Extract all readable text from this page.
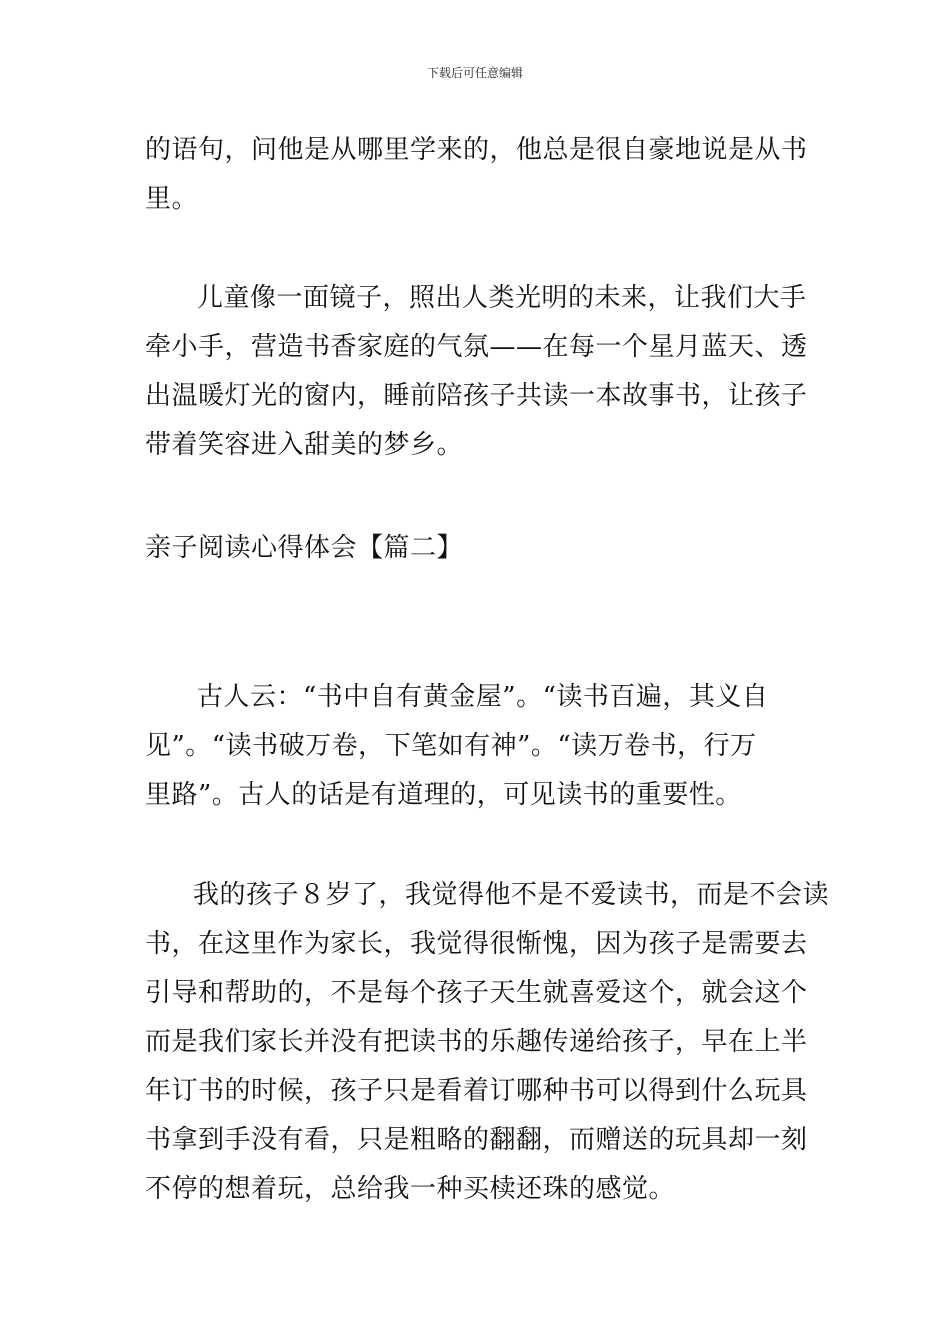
下载后可任意编辑
的语句，问他是从哪里学来的，他总是很自豪地说是从书
里。
儿童像一面镜子，照出人类光明的未来，让我们大手
牵小手，营造书香家庭的气氛——在每一个星月蓝天、透
出温暖灯光的窗内，睡前陪孩子共读一本故事书，让孩子
带着笑容进入甜美的梦乡。
亲子阅读心得体会【篇二】
古人云：“书中自有黄金屋”。“读书百遍，其义自
见”。“读书破万卷，下笔如有神”。“读万卷书，行万
里路”。古人的话是有道理的，可见读书的重要性。
我的孩子８岁了，我觉得他不是不爱读书，而是不会读
书，在这里作为家长，我觉得很惭愧，因为孩子是需要去
引导和帮助的，不是每个孩子天生就喜爱这个，就会这个
而是我们家长并没有把读书的乐趣传递给孩子，早在上半
年订书的时候，孩子只是看着订哪种书可以得到什么玩具
书拿到手没有看，只是粗略的翻翻，而赠送的玩具却一刻
不停的想着玩，总给我一种买椟还珠的感觉。
